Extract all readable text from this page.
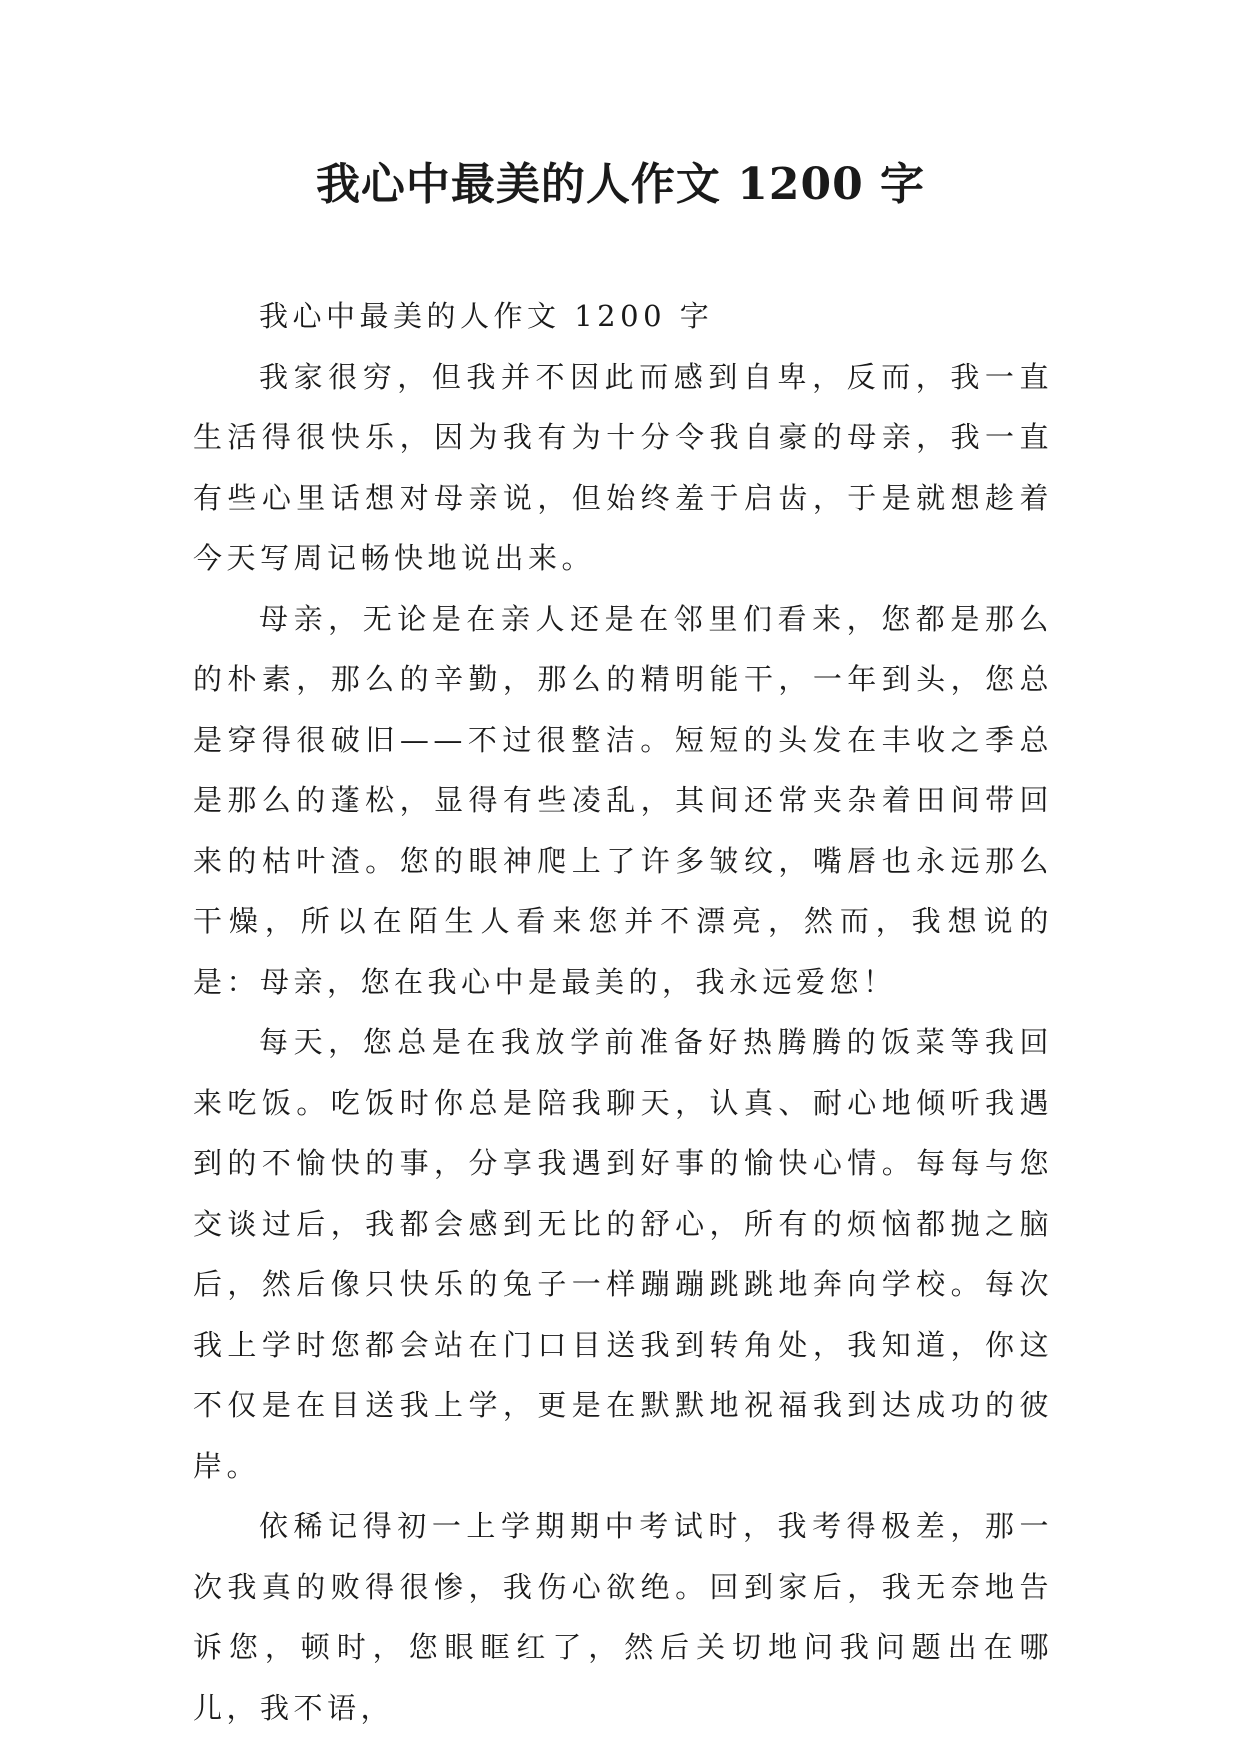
我心中最美的人作文 1200 字

我心中最美的人作文 1200 字

我家很穷，但我并不因此而感到自卑，反而，我一直生活得很快乐，因为我有为十分令我自豪的母亲，我一直有些心里话想对母亲说，但始终羞于启齿，于是就想趁着今天写周记畅快地说出来。

母亲，无论是在亲人还是在邻里们看来，您都是那么的朴素，那么的辛勤，那么的精明能干，一年到头，您总是穿得很破旧——不过很整洁。短短的头发在丰收之季总是那么的蓬松，显得有些凌乱，其间还常夹杂着田间带回来的枯叶渣。您的眼神爬上了许多皱纹，嘴唇也永远那么干燥，所以在陌生人看来您并不漂亮，然而，我想说的是：母亲，您在我心中是最美的，我永远爱您！

每天，您总是在我放学前准备好热腾腾的饭菜等我回来吃饭。吃饭时你总是陪我聊天，认真、耐心地倾听我遇到的不愉快的事，分享我遇到好事的愉快心情。每每与您交谈过后，我都会感到无比的舒心，所有的烦恼都抛之脑后，然后像只快乐的兔子一样蹦蹦跳跳地奔向学校。每次我上学时您都会站在门口目送我到转角处，我知道，你这不仅是在目送我上学，更是在默默地祝福我到达成功的彼岸。

依稀记得初一上学期期中考试时，我考得极差，那一次我真的败得很惨，我伤心欲绝。回到家后，我无奈地告诉您，顿时，您眼眶红了，然后关切地问我问题出在哪儿，我不语，
